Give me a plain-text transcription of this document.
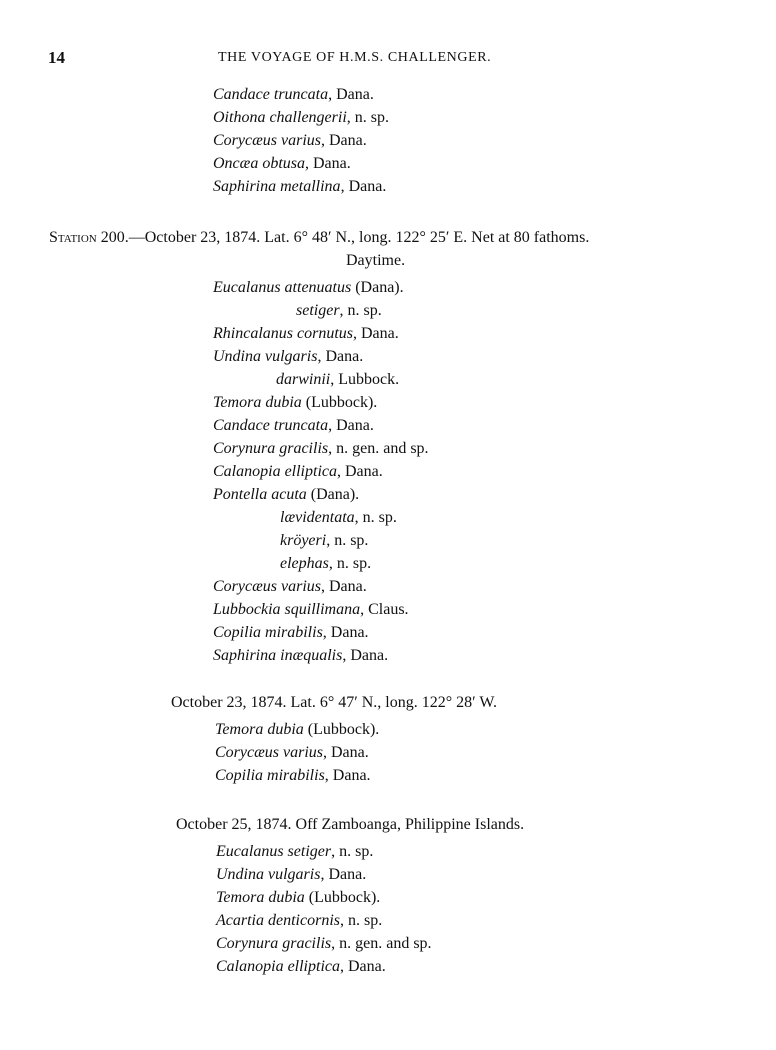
14	THE VOYAGE OF H.M.S. CHALLENGER.
Candace truncata, Dana.
Oithona challengerii, n. sp.
Corycæus varius, Dana.
Oncæa obtusa, Dana.
Saphirina metallina, Dana.
Station 200.—October 23, 1874. Lat. 6° 48′ N., long. 122° 25′ E. Net at 80 fathoms.
Daytime.
Eucalanus attenuatus (Dana).
setiger, n. sp.
Rhincalanus cornutus, Dana.
Undina vulgaris, Dana.
darwinii, Lubbock.
Temora dubia (Lubbock).
Candace truncata, Dana.
Corynura gracilis, n. gen. and sp.
Calanopia elliptica, Dana.
Pontella acuta (Dana).
lævidentata, n. sp.
kröyeri, n. sp.
elephas, n. sp.
Corycæus varius, Dana.
Lubbockia squillimana, Claus.
Copilia mirabilis, Dana.
Saphirina inæqualis, Dana.
October 23, 1874. Lat. 6° 47′ N., long. 122° 28′ W.
Temora dubia (Lubbock).
Corycæus varius, Dana.
Copilia mirabilis, Dana.
October 25, 1874. Off Zamboanga, Philippine Islands.
Eucalanus setiger, n. sp.
Undina vulgaris, Dana.
Temora dubia (Lubbock).
Acartia denticornis, n. sp.
Corynura gracilis, n. gen. and sp.
Calanopia elliptica, Dana.
